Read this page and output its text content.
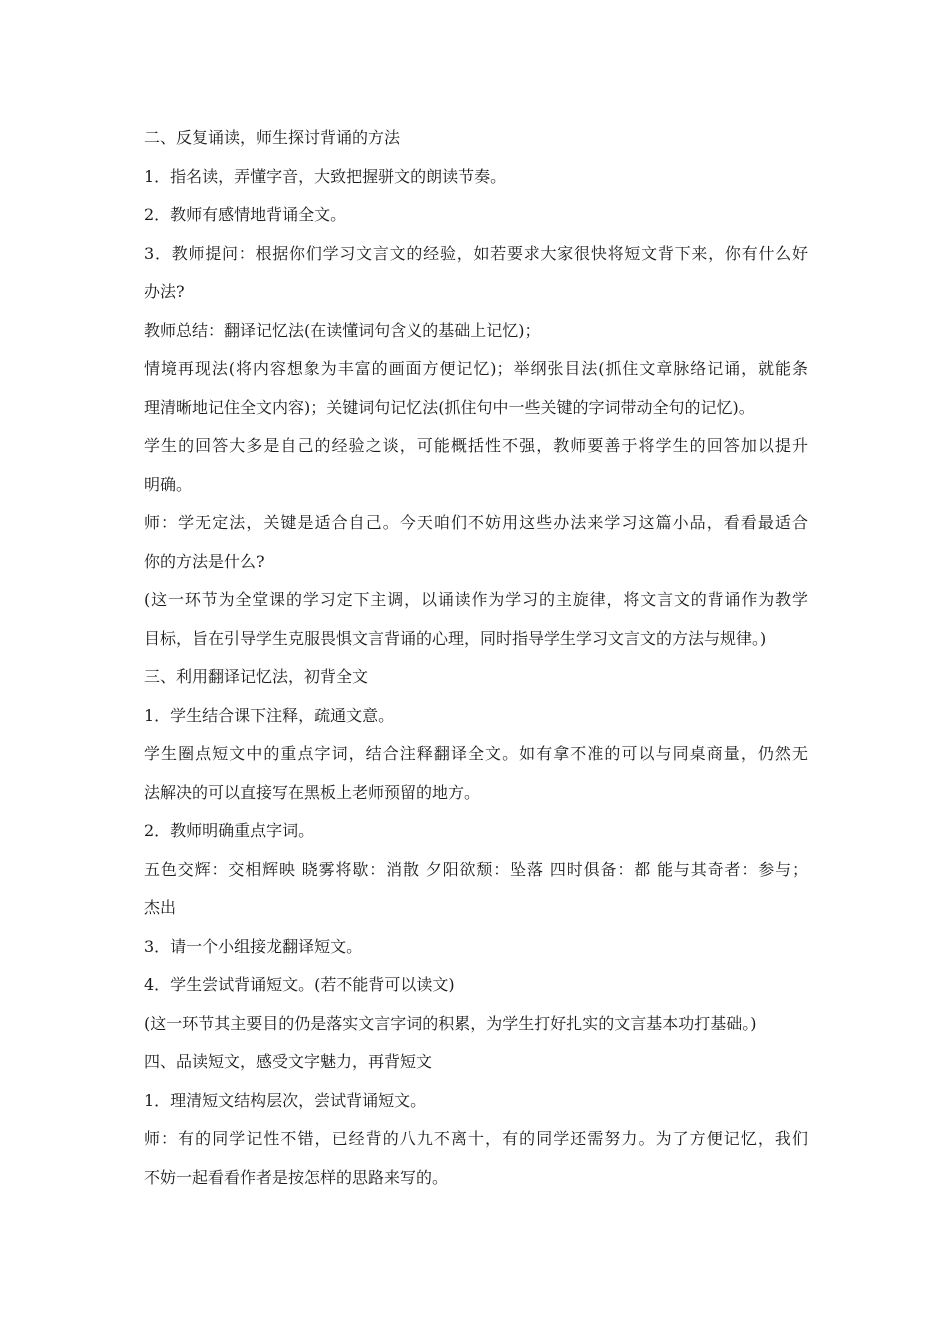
二、反复诵读，师生探讨背诵的方法
1．指名读，弄懂字音，大致把握骈文的朗读节奏。
2．教师有感情地背诵全文。
3．教师提问：根据你们学习文言文的经验，如若要求大家很快将短文背下来，你有什么好
办法?
教师总结：翻译记忆法(在读懂词句含义的基础上记忆)；
情境再现法(将内容想象为丰富的画面方便记忆)；举纲张目法(抓住文章脉络记诵，就能条
理清晰地记住全文内容)；关键词句记忆法(抓住句中一些关键的字词带动全句的记忆)。
学生的回答大多是自己的经验之谈，可能概括性不强，教师要善于将学生的回答加以提升
明确。
师：学无定法，关键是适合自己。今天咱们不妨用这些办法来学习这篇小品，看看最适合
你的方法是什么?
(这一环节为全堂课的学习定下主调，以诵读作为学习的主旋律，将文言文的背诵作为教学
目标，旨在引导学生克服畏惧文言背诵的心理，同时指导学生学习文言文的方法与规律。)
三、利用翻译记忆法，初背全文
1．学生结合课下注释，疏通文意。
学生圈点短文中的重点字词，结合注释翻译全文。如有拿不准的可以与同桌商量，仍然无
法解决的可以直接写在黑板上老师预留的地方。
2．教师明确重点字词。
五色交辉：交相辉映 晓雾将歇：消散 夕阳欲颓：坠落 四时俱备：都 能与其奇者：参与；
杰出
3．请一个小组接龙翻译短文。
4．学生尝试背诵短文。(若不能背可以读文)
(这一环节其主要目的仍是落实文言字词的积累，为学生打好扎实的文言基本功打基础。)
四、品读短文，感受文字魅力，再背短文
1．理清短文结构层次，尝试背诵短文。
师：有的同学记性不错，已经背的八九不离十，有的同学还需努力。为了方便记忆，我们
不妨一起看看作者是按怎样的思路来写的。
